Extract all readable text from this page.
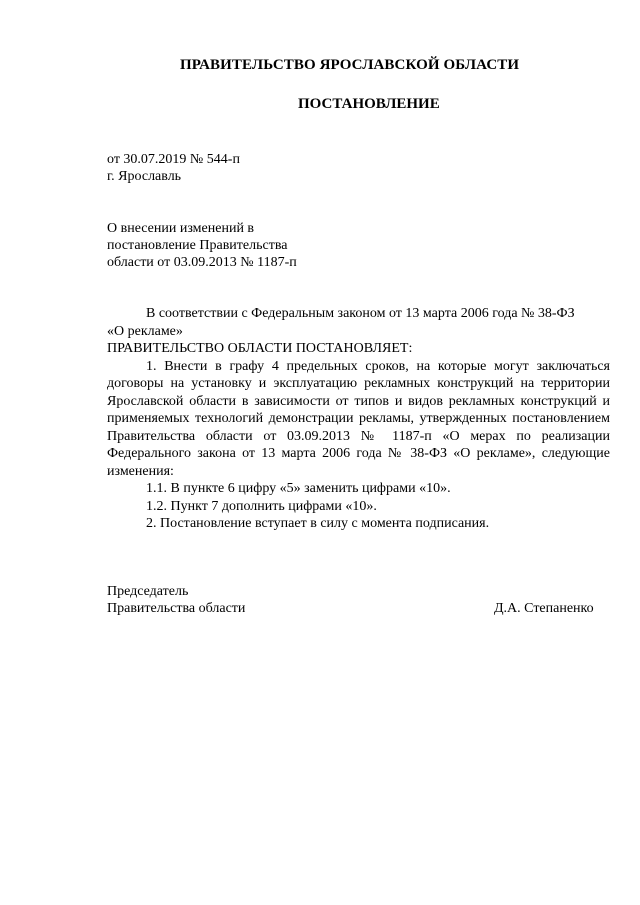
ПРАВИТЕЛЬСТВО ЯРОСЛАВСКОЙ ОБЛАСТИ
ПОСТАНОВЛЕНИЕ
от 30.07.2019 № 544-п
г. Ярославль
О внесении изменений в
постановление Правительства
области от 03.09.2013 № 1187-п

В соответствии с Федеральным законом от 13 марта 2006 года № 38-ФЗ

«О рекламе»

ПРАВИТЕЛЬСТВО ОБЛАСТИ ПОСТАНОВЛЯЕТ:

1. Внести в графу 4 предельных сроков, на которые могут заключаться договоры на установку и эксплуатацию рекламных конструкций на территории Ярославской области в зависимости от типов и видов рекламных конструкций и применяемых технологий демонстрации рекламы, утвержденных постановлением Правительства области от 03.09.2013 № 1187-п «О мерах по реализации Федерального закона от 13 марта 2006 года № 38-ФЗ «О рекламе», следующие изменения:

1.1. В пункте 6 цифру «5» заменить цифрами «10».

1.2. Пункт 7 дополнить цифрами «10».

2. Постановление вступает в силу с момента подписания.

Председатель
Правительства области	Д.А. Степаненко
